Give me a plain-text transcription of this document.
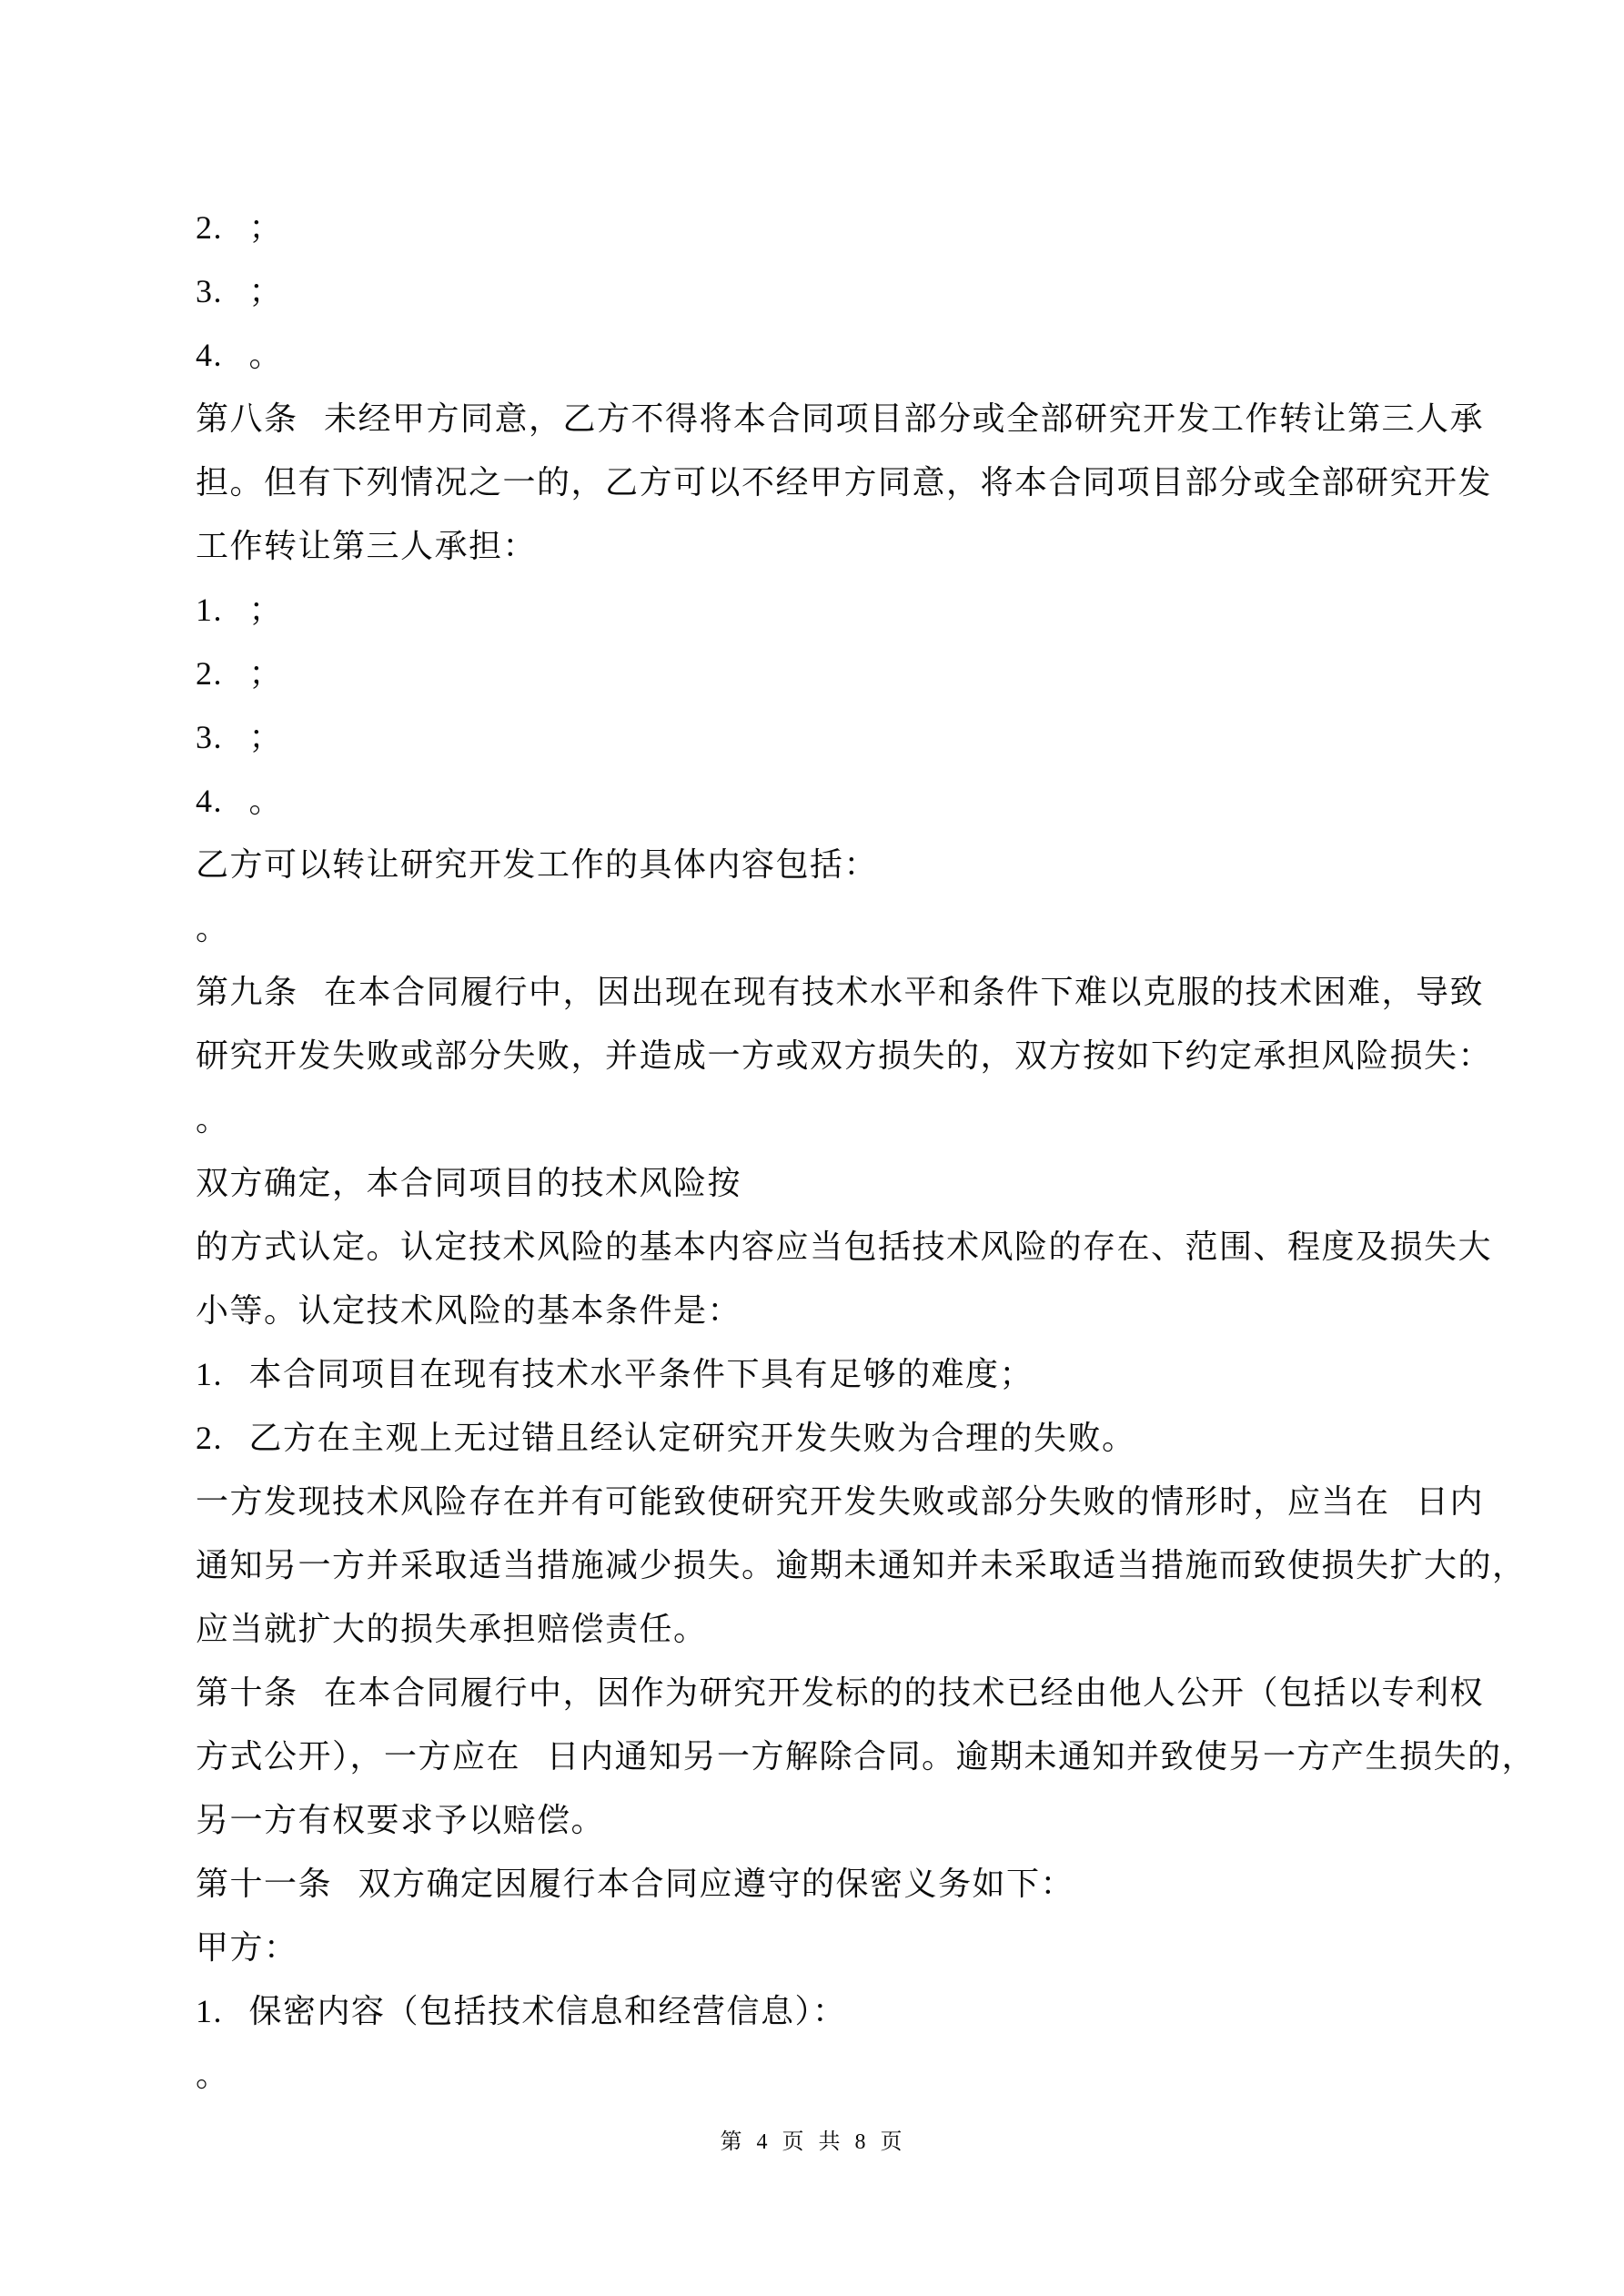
2. ；
3. ；
4. 。
第八条 未经甲方同意，乙方不得将本合同项目部分或全部研究开发工作转让第三人承
担。但有下列情况之一的，乙方可以不经甲方同意，将本合同项目部分或全部研究开发
工作转让第三人承担：
1. ；
2. ；
3. ；
4. 。
乙方可以转让研究开发工作的具体内容包括：
。
第九条 在本合同履行中，因出现在现有技术水平和条件下难以克服的技术困难，导致
研究开发失败或部分失败，并造成一方或双方损失的，双方按如下约定承担风险损失：
。
双方确定，本合同项目的技术风险按
的方式认定。认定技术风险的基本内容应当包括技术风险的存在、范围、程度及损失大
小等。认定技术风险的基本条件是：
1. 本合同项目在现有技术水平条件下具有足够的难度；
2. 乙方在主观上无过错且经认定研究开发失败为合理的失败。
一方发现技术风险存在并有可能致使研究开发失败或部分失败的情形时，应当在 日内
通知另一方并采取适当措施减少损失。逾期未通知并未采取适当措施而致使损失扩大的，
应当就扩大的损失承担赔偿责任。
第十条 在本合同履行中，因作为研究开发标的的技术已经由他人公开（包括以专利权
方式公开），一方应在 日内通知另一方解除合同。逾期未通知并致使另一方产生损失的，
另一方有权要求予以赔偿。
第十一条 双方确定因履行本合同应遵守的保密义务如下：
甲方：
1. 保密内容（包括技术信息和经营信息）：
。
第 4 页 共 8 页
